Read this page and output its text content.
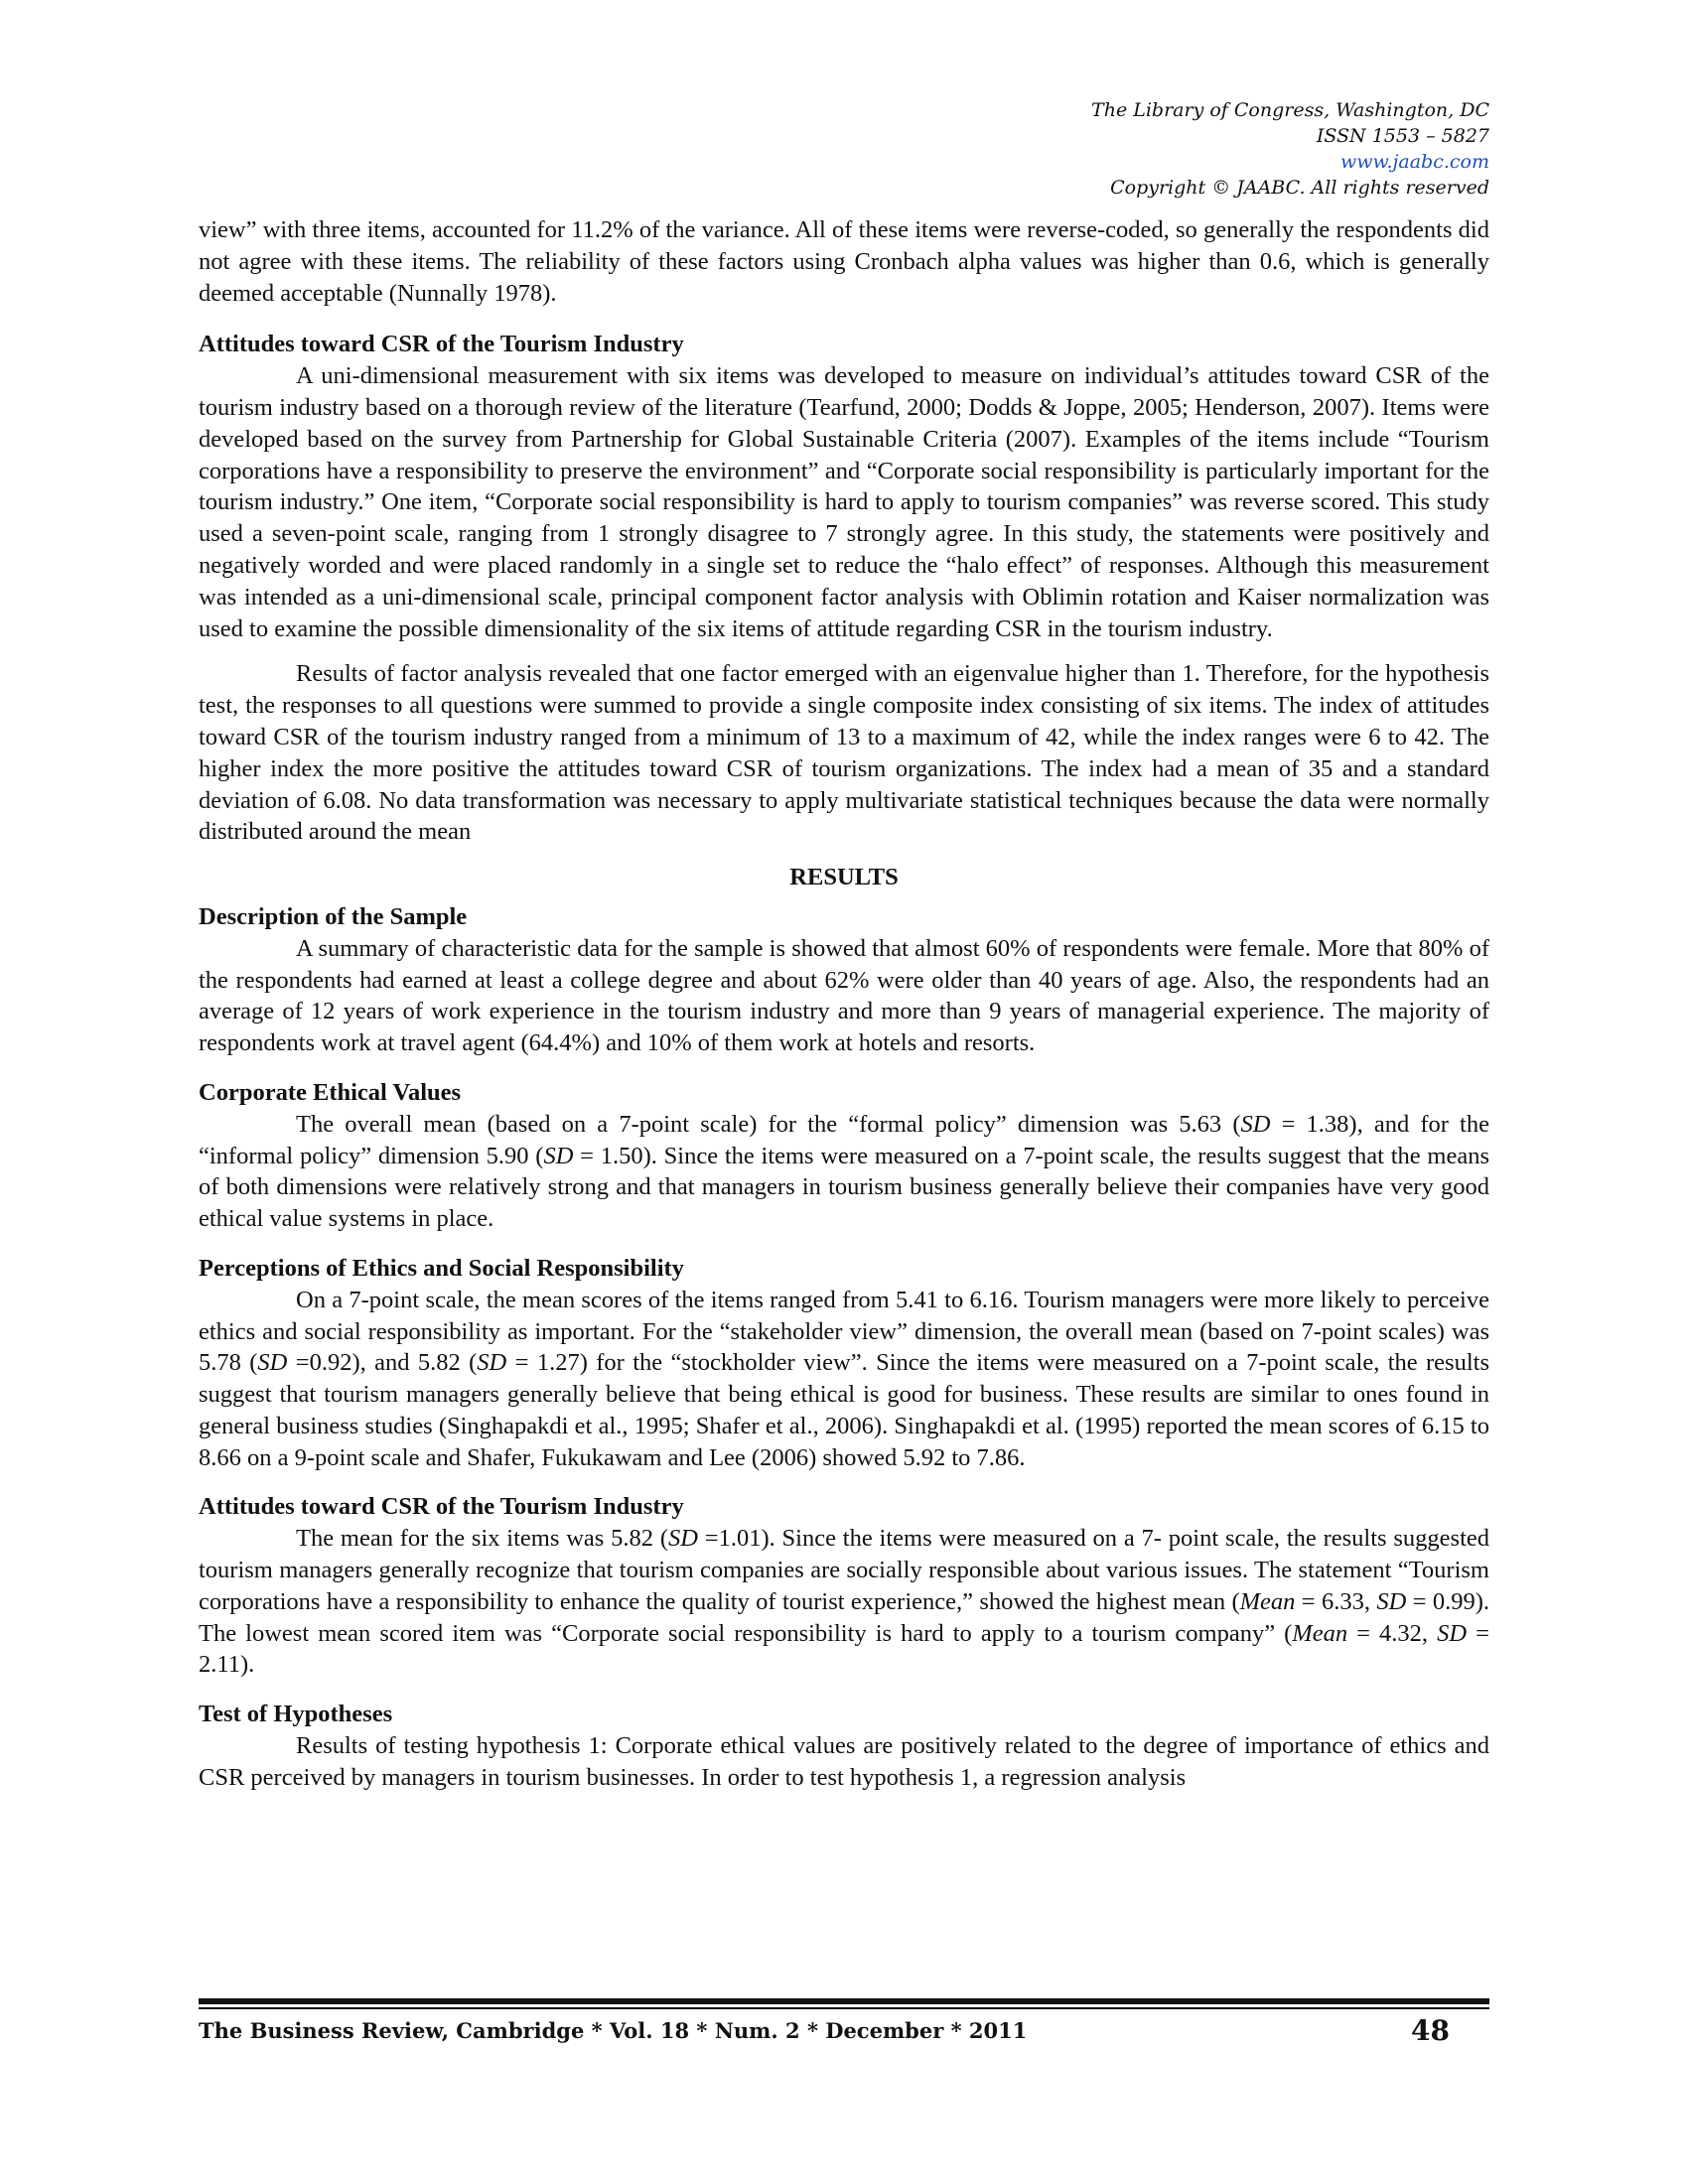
The Library of Congress, Washington, DC
ISSN 1553 – 5827
www.jaabc.com
Copyright © JAABC. All rights reserved

view” with three items, accounted for 11.2% of the variance. All of these items were reverse-coded, so generally the respondents did not agree with these items. The reliability of these factors using Cronbach alpha values was higher than 0.6, which is generally deemed acceptable (Nunnally 1978).

Attitudes toward CSR of the Tourism Industry

A uni-dimensional measurement with six items was developed to measure on individual’s attitudes toward CSR of the tourism industry based on a thorough review of the literature (Tearfund, 2000; Dodds & Joppe, 2005; Henderson, 2007). Items were developed based on the survey from Partnership for Global Sustainable Criteria (2007). Examples of the items include “Tourism corporations have a responsibility to preserve the environment” and “Corporate social responsibility is particularly important for the tourism industry.” One item, “Corporate social responsibility is hard to apply to tourism companies” was reverse scored. This study used a seven-point scale, ranging from 1 strongly disagree to 7 strongly agree. In this study, the statements were positively and negatively worded and were placed randomly in a single set to reduce the “halo effect” of responses. Although this measurement was intended as a uni-dimensional scale, principal component factor analysis with Oblimin rotation and Kaiser normalization was used to examine the possible dimensionality of the six items of attitude regarding CSR in the tourism industry.

Results of factor analysis revealed that one factor emerged with an eigenvalue higher than 1. Therefore, for the hypothesis test, the responses to all questions were summed to provide a single composite index consisting of six items. The index of attitudes toward CSR of the tourism industry ranged from a minimum of 13 to a maximum of 42, while the index ranges were 6 to 42. The higher index the more positive the attitudes toward CSR of tourism organizations. The index had a mean of 35 and a standard deviation of 6.08. No data transformation was necessary to apply multivariate statistical techniques because the data were normally distributed around the mean

RESULTS

Description of the Sample

A summary of characteristic data for the sample is showed that almost 60% of respondents were female. More that 80% of the respondents had earned at least a college degree and about 62% were older than 40 years of age. Also, the respondents had an average of 12 years of work experience in the tourism industry and more than 9 years of managerial experience. The majority of respondents work at travel agent (64.4%) and 10% of them work at hotels and resorts.

Corporate Ethical Values

The overall mean (based on a 7-point scale) for the “formal policy” dimension was 5.63 (SD = 1.38), and for the “informal policy” dimension 5.90 (SD = 1.50). Since the items were measured on a 7-point scale, the results suggest that the means of both dimensions were relatively strong and that managers in tourism business generally believe their companies have very good ethical value systems in place.

Perceptions of Ethics and Social Responsibility

On a 7-point scale, the mean scores of the items ranged from 5.41 to 6.16. Tourism managers were more likely to perceive ethics and social responsibility as important. For the “stakeholder view” dimension, the overall mean (based on 7-point scales) was 5.78 (SD =0.92), and 5.82 (SD = 1.27) for the “stockholder view”. Since the items were measured on a 7-point scale, the results suggest that tourism managers generally believe that being ethical is good for business. These results are similar to ones found in general business studies (Singhapakdi et al., 1995; Shafer et al., 2006). Singhapakdi et al. (1995) reported the mean scores of 6.15 to 8.66 on a 9-point scale and Shafer, Fukukawam and Lee (2006) showed 5.92 to 7.86.

Attitudes toward CSR of the Tourism Industry

The mean for the six items was 5.82 (SD =1.01). Since the items were measured on a 7- point scale, the results suggested tourism managers generally recognize that tourism companies are socially responsible about various issues. The statement “Tourism corporations have a responsibility to enhance the quality of tourist experience,” showed the highest mean (Mean = 6.33, SD = 0.99). The lowest mean scored item was “Corporate social responsibility is hard to apply to a tourism company” (Mean = 4.32, SD = 2.11).

Test of Hypotheses

Results of testing hypothesis 1: Corporate ethical values are positively related to the degree of importance of ethics and CSR perceived by managers in tourism businesses. In order to test hypothesis 1, a regression analysis

The Business Review, Cambridge * Vol. 18 * Num. 2 * December * 2011	48
